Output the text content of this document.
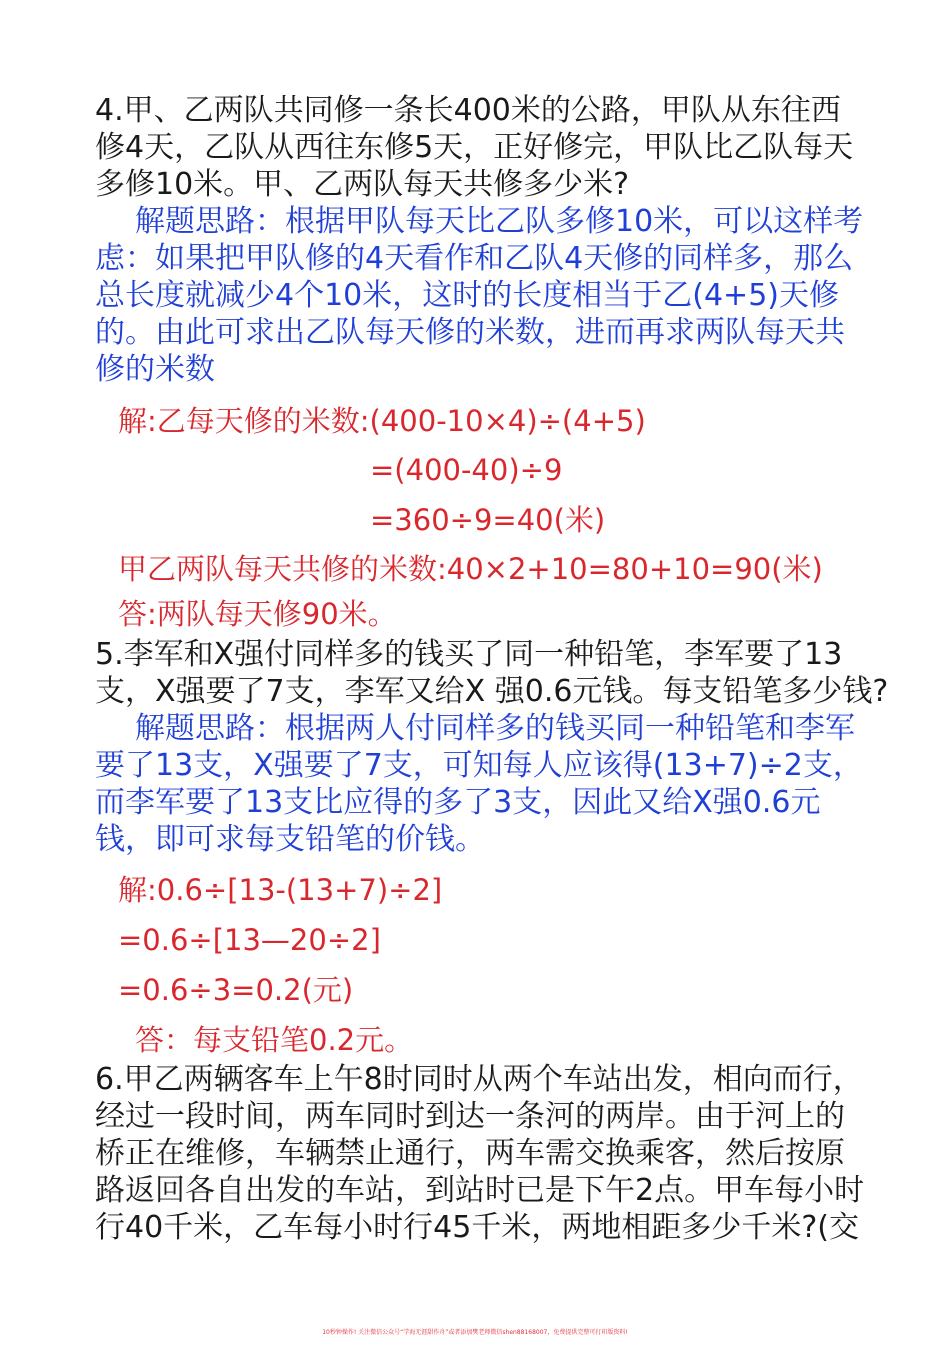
4.甲、乙两队共同修一条长400米的公路，甲队从东往西
修4天，乙队从西往东修5天，正好修完，甲队比乙队每天
多修10米。甲、乙两队每天共修多少米?
解题思路：根据甲队每天比乙队多修10米，可以这样考
虑：如果把甲队修的4天看作和乙队4天修的同样多，那么
总长度就减少4个10米，这时的长度相当于乙(4+5)天修
的。由此可求出乙队每天修的米数，进而再求两队每天共
修的米数
解:乙每天修的米数:(400-10×4)÷(4+5)
=(400-40)÷9
=360÷9=40(米)
甲乙两队每天共修的米数:40×2+10=80+10=90(米)
答:两队每天修90米。
5.李军和X强付同样多的钱买了同一种铅笔，李军要了13
支，X强要了7支，李军又给X 强0.6元钱。每支铅笔多少钱?
解题思路：根据两人付同样多的钱买同一种铅笔和李军
要了13支，X强要了7支，可知每人应该得(13+7)÷2支，
而李军要了13支比应得的多了3支，因此又给X强0.6元
钱，即可求每支铅笔的价钱。
解:0.6÷[13-(13+7)÷2]
=0.6÷[13—20÷2]
=0.6÷3=0.2(元)
答：每支铅笔0.2元。
6.甲乙两辆客车上午8时同时从两个车站出发，相向而行，
经过一段时间，两车同时到达一条河的两岸。由于河上的
桥正在维修，车辆禁止通行，两车需交换乘客，然后按原
路返回各自出发的车站，到站时已是下午2点。甲车每小时
行40千米，乙车每小时行45千米，两地相距多少千米?(交
10秒钟操作! 关注微信公众号“学海无涯甜作舟”或者添加樊老师微信shen88168007，免费提供完整可打印版资料!
